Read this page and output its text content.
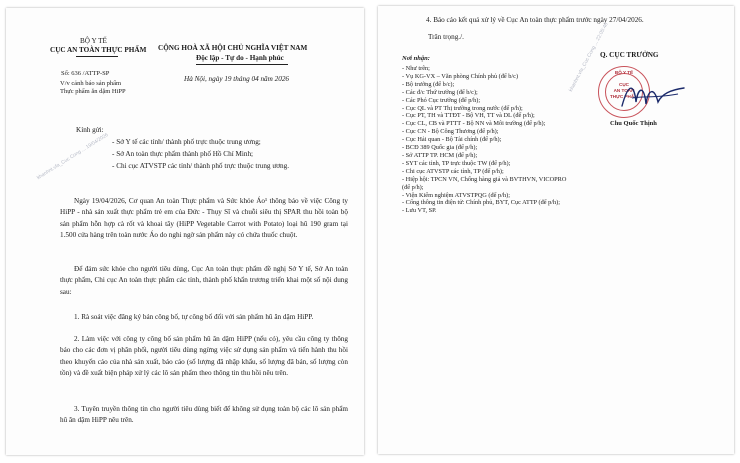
BỘ Y TẾ
CỤC AN TOÀN THỰC PHẨM CỘNG HOÀ XÃ HỘI CHỦ NGHĨA VIỆT NAM
Độc lập - Tự do - Hạnh phúc
Số: 636 /ATTP-SP
V/v cảnh báo sản phẩm
Thực phẩm ăn dặm HiPP
Hà Nội, ngày 19 tháng 04 năm 2026
Kính gửi:
- Sở Y tế các tỉnh/ thành phố trực thuộc trung ương;
- Sở An toàn thực phẩm thành phố Hồ Chí Minh;
- Chi cục ATVSTP các tỉnh/ thành phố trực thuộc trung ương.
khanhnt.vfa_Cuc Cong ... 19/04/2026
Ngày 19/04/2026, Cơ quan An toàn Thực phẩm và Sức khỏe Áo¹ thông báo về việc Công ty HiPP - nhà sản xuất thực phẩm trẻ em của Đức - Thụy Sĩ và chuỗi siêu thị SPAR thu hồi toàn bộ sản phẩm hỗn hợp cà rốt và khoai tây (HiPP Vegetable Carrot with Potato) loại hũ 190 gram tại 1.500 cửa hàng trên toàn nước Áo do nghi ngờ sản phẩm này có chứa thuốc chuột.
Để đảm sức khỏe cho người tiêu dùng, Cục An toàn thực phẩm đề nghị Sở Y tế, Sở An toàn thực phẩm, Chi cục An toàn thực phẩm các tỉnh, thành phố khẩn trương triển khai một số nội dung sau:
1. Rà soát việc đăng ký bản công bố, tự công bố đối với sản phẩm hũ ăn dặm HiPP.
2. Làm việc với công ty công bố sản phẩm hũ ăn dặm HiPP (nếu có), yêu cầu công ty thông báo cho các đơn vị phân phối, người tiêu dùng ngừng việc sử dụng sản phẩm và tiến hành thu hồi theo khuyến cáo của nhà sản xuất, báo cáo (số lượng đã nhập khẩu, số lượng đã bán, số lượng còn tồn) và đề xuất biện pháp xử lý các lô sản phẩm theo thông tin thu hồi nêu trên.
3. Tuyên truyền thông tin cho người tiêu dùng biết để không sử dụng toàn bộ các lô sản phẩm hũ ăn dặm HiPP nêu trên.
4. Báo cáo kết quả xử lý về Cục An toàn thực phẩm trước ngày 27/04/2026.
Trân trọng./.
Nơi nhận:
- Như trên;
- Vụ KG-VX – Văn phòng Chính phủ (để b/c)
- Bộ trưởng (để b/c);
- Các đ/c Thứ trưởng (để b/c);
- Các Phó Cục trưởng (để p/h);
- Cục QL và PT Thị trường trong nước (để p/h);
- Cục PT, TH và TTĐT - Bộ VH, TT và DL (để p/h);
- Cục CL, CB và PTTT - Bộ NN và Môi trường (để p/h);
- Cục CN - Bộ Công Thương (để p/h);
- Cục Hải quan - Bộ Tài chính (để p/h);
- BCĐ 389 Quốc gia (để p/h);
- Sở ATTP TP. HCM (để p/h);
- SYT các tỉnh, TP trực thuộc TW (để p/h);
- Chi cục ATVSTP các tỉnh, TP (để p/h);
- Hiệp hội: TPCN VN, Chống hàng giả và BVTHVN, VICOPRO (để p/h);
- Viện Kiểm nghiệm ATVSTPQG (để p/h);
- Cổng thông tin điện tử: Chính phủ, BYT, Cục ATTP (để p/h);
- Lưu VT, SP.
khanhnt.vfa_Cuc Cong ... 22:05:46
Q. CỤC TRƯỞNG
BỘ Y TẾ
CỤC
AN TOÀN
THỰC PHẨM
Chu Quốc Thịnh
